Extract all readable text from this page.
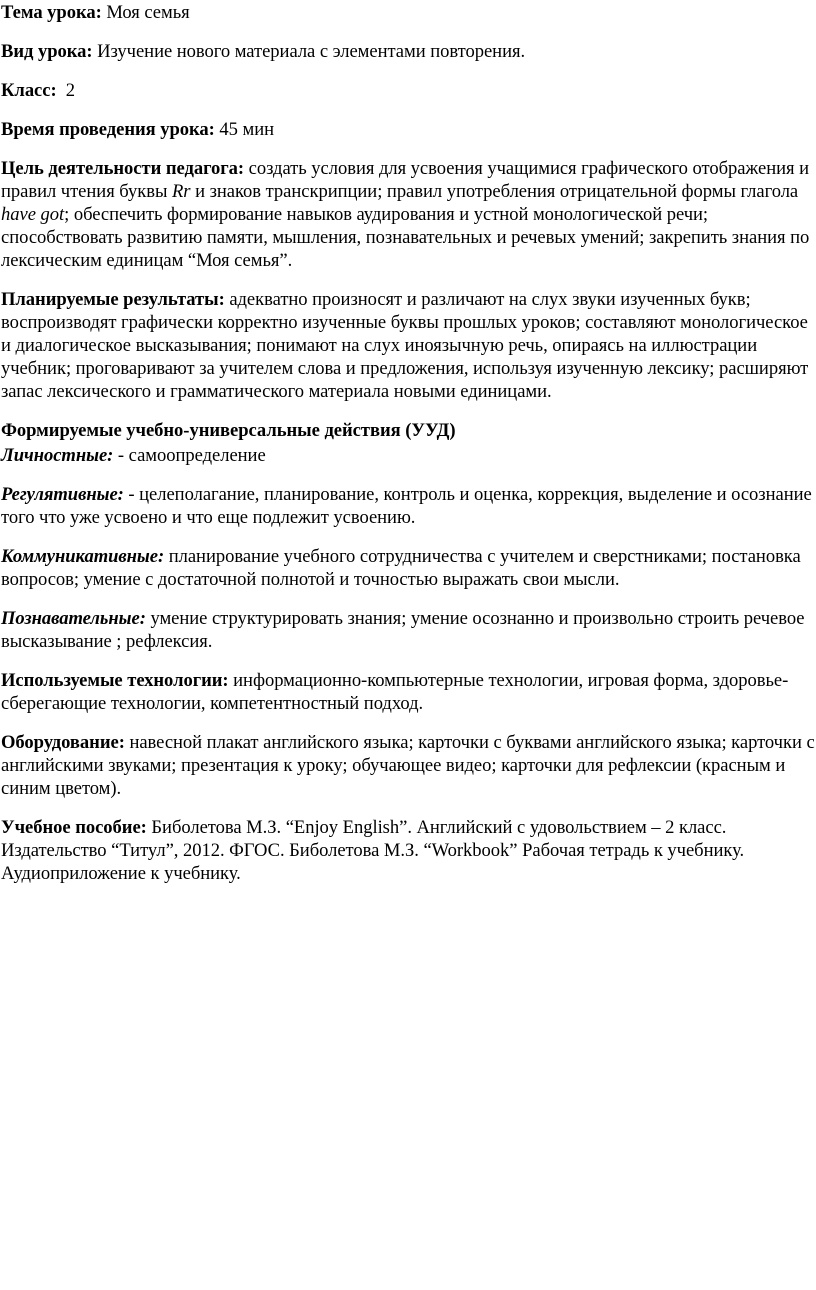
Тема урока: Моя семья

Вид урока: Изучение нового материала с элементами повторения.

Класс:  2

Время проведения урока: 45 мин

Цель деятельности педагога: создать условия для усвоения учащимися графического отображения и правил чтения буквы Rr и знаков транскрипции; правил употребления отрицательной формы глагола have got; обеспечить формирование навыков аудирования и устной монологической речи; способствовать развитию памяти, мышления, познавательных и речевых умений; закрепить знания по лексическим единицам “Моя семья”.

Планируемые результаты: адекватно произносят и различают на слух звуки изученных букв; воспроизводят графически корректно изученные буквы прошлых уроков; составляют монологическое и диалогическое высказывания; понимают на слух иноязычную речь, опираясь на иллюстрации учебник; проговаривают за учителем слова и предложения, используя изученную лексику; расширяют запас лексического и грамматического материала новыми единицами.

Формируемые учебно-универсальные действия (УУД)

Личностные: - самоопределение

Регулятивные: - целеполагание, планирование, контроль и оценка, коррекция, выделение и осознание того что уже усвоено и что еще подлежит усвоению.

Коммуникативные: планирование учебного сотрудничества с учителем и сверстниками; постановка вопросов; умение с достаточной полнотой и точностью выражать свои мысли.

Познавательные: умение структурировать знания; умение осознанно и произвольно строить речевое высказывание ; рефлексия.

Используемые технологии: информационно-компьютерные технологии, игровая форма, здоровье-сберегающие технологии, компетентностный подход.

Оборудование: навесной плакат английского языка; карточки с буквами английского языка; карточки с английскими звуками; презентация к уроку; обучающее видео; карточки для рефлексии (красным и синим цветом).

Учебное пособие: Биболетова М.З. “Enjoy English”. Английский с удовольствием – 2 класс. Издательство “Титул”, 2012. ФГОС. Биболетова М.З. “Workbook” Рабочая тетрадь к учебнику. Аудиоприложение к учебнику.
